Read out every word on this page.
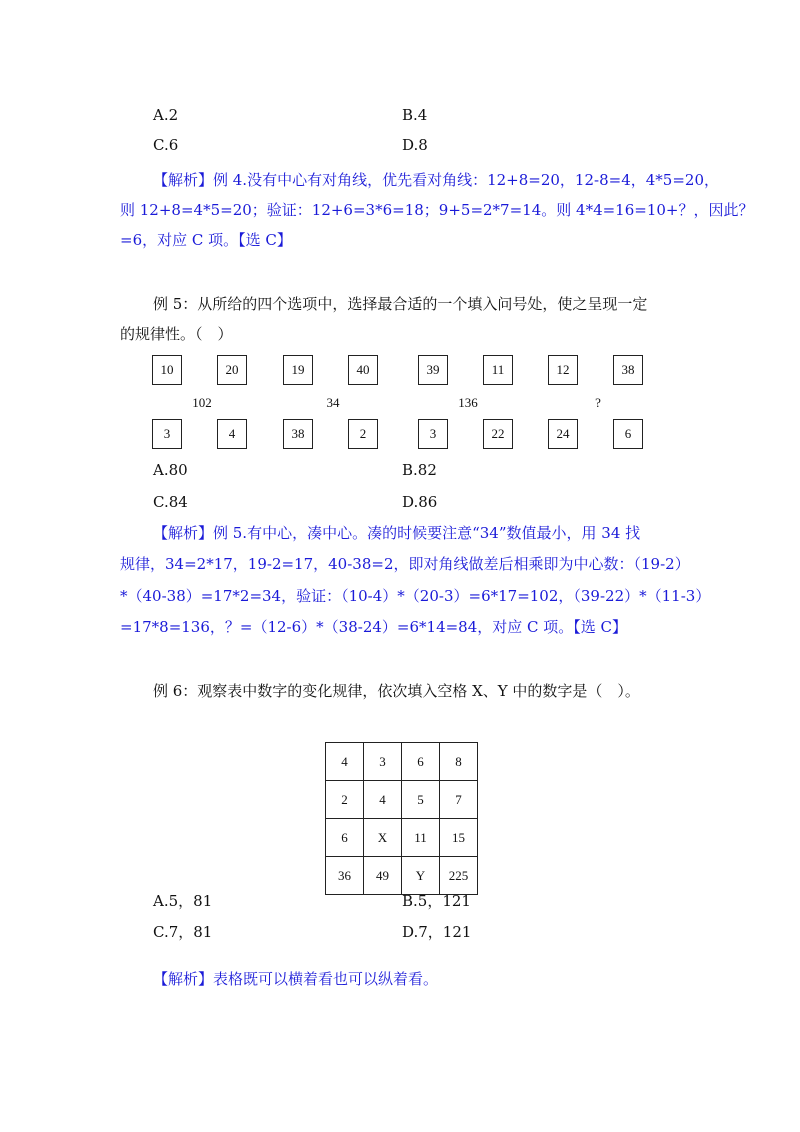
A.2	B.4
C.6	D.8
【解析】例 4.没有中心有对角线，优先看对角线：12+8=20，12-8=4，4*5=20，
则 12+8=4*5=20；验证：12+6=3*6=18；9+5=2*7=14。则 4*4=16=10+？，因此？
=6，对应 C 项。【选 C】
例 5：从所给的四个选项中，选择最合适的一个填入问号处，使之呈现一定
的规律性。（　）
10	20
3	4
102
19	40
38	2
34
39	11
3	22
136
12	38
24	6
?
A.80	B.82
C.84	D.86
【解析】例 5.有中心，凑中心。凑的时候要注意“34”数值最小，用 34 找
规律，34=2*17，19-2=17，40-38=2，即对角线做差后相乘即为中心数：（19-2）
*（40-38）=17*2=34，验证：（10-4）*（20-3）=6*17=102，（39-22）*（11-3）
=17*8=136，？=（12-6）*（38-24）=6*14=84，对应 C 项。【选 C】
例 6：观察表中数字的变化规律，依次填入空格 X、Y 中的数字是（　）。
4	3	6	8
2	4	5	7
6	X	11	15
36	49	Y	225
A.5，81	B.5，121
C.7，81	D.7，121
【解析】表格既可以横着看也可以纵着看。
